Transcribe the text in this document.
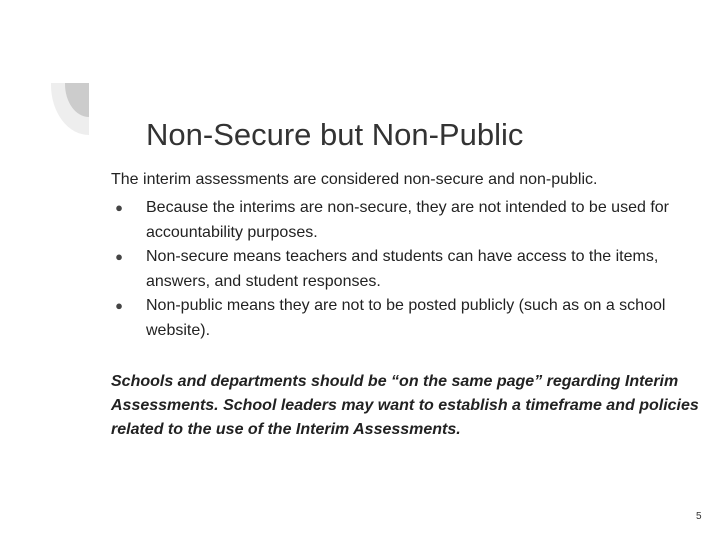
Non-Secure but Non-Public

The interim assessments are considered non-secure and non-public.

● Because the interims are non-secure, they are not intended to be used for accountability purposes.
● Non-secure means teachers and students can have access to the items, answers, and student responses.
● Non-public means they are not to be posted publicly (such as on a school website).

Schools and departments should be “on the same page” regarding Interim Assessments. School leaders may want to establish a timeframe and policies related to the use of the Interim Assessments.

5
